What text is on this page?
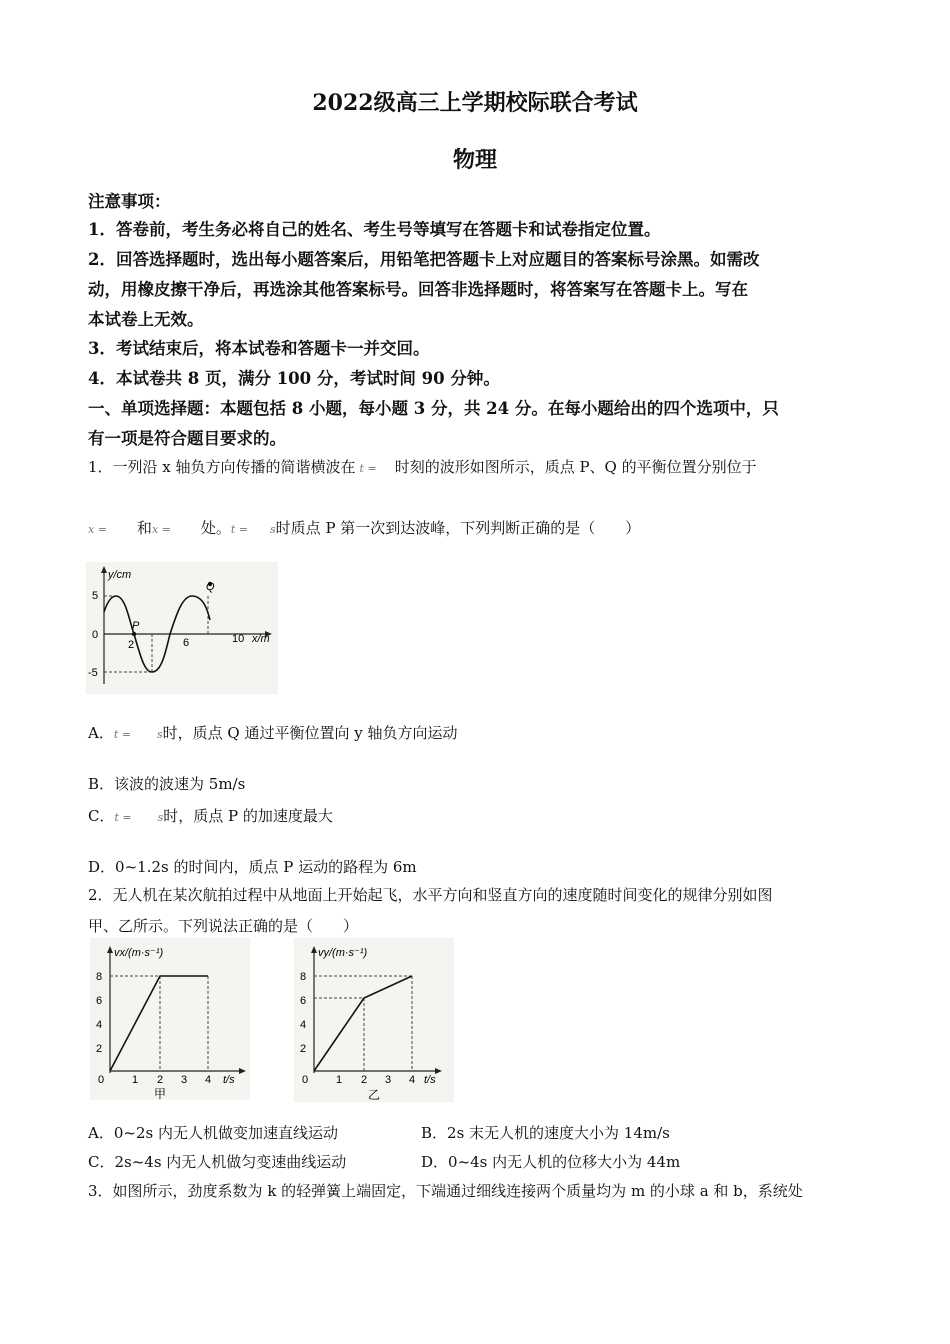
2022级高三上学期校际联合考试
物理
注意事项：
1．答卷前，考生务必将自己的姓名、考生号等填写在答题卡和试卷指定位置。
2．回答选择题时，选出每小题答案后，用铅笔把答题卡上对应题目的答案标号涂黑。如需改
动，用橡皮擦干净后，再选涂其他答案标号。回答非选择题时，将答案写在答题卡上。写在
本试卷上无效。
3．考试结束后，将本试卷和答题卡一并交回。
4．本试卷共 8 页，满分 100 分，考试时间 90 分钟。
一、单项选择题：本题包括 8 小题，每小题 3 分，共 24 分。在每小题给出的四个选项中，只
有一项是符合题目要求的。
1．一列沿 x 轴负方向传播的简谐横波在 t = 时刻的波形如图所示，质点 P、Q 的平衡位置分别位于
x = 和x = 处。t = s时质点 P 第一次到达波峰，下列判断正确的是（　　）
y/cm
5
0
-5
2	6	10 x/m
P
Q
A．t = s时，质点 Q 通过平衡位置向 y 轴负方向运动
B．该波的波速为 5m/s
C．t = s时，质点 P 的加速度最大
D．0~1.2s 的时间内，质点 P 运动的路程为 6m
2．无人机在某次航拍过程中从地面上开始起飞，水平方向和竖直方向的速度随时间变化的规律分别如图
甲、乙所示。下列说法正确的是（　　）
vx/(m·s⁻¹)
8
6
4
2
0	1 2 3 4 t/s
甲
vy/(m·s⁻¹)
8
6
4
2
0	1 2 3 4 t/s
乙
A．0~2s 内无人机做变加速直线运动	B．2s 末无人机的速度大小为 14m/s
C．2s~4s 内无人机做匀变速曲线运动	D．0~4s 内无人机的位移大小为 44m
3．如图所示，劲度系数为 k 的轻弹簧上端固定，下端通过细线连接两个质量均为 m 的小球 a 和 b，系统处
